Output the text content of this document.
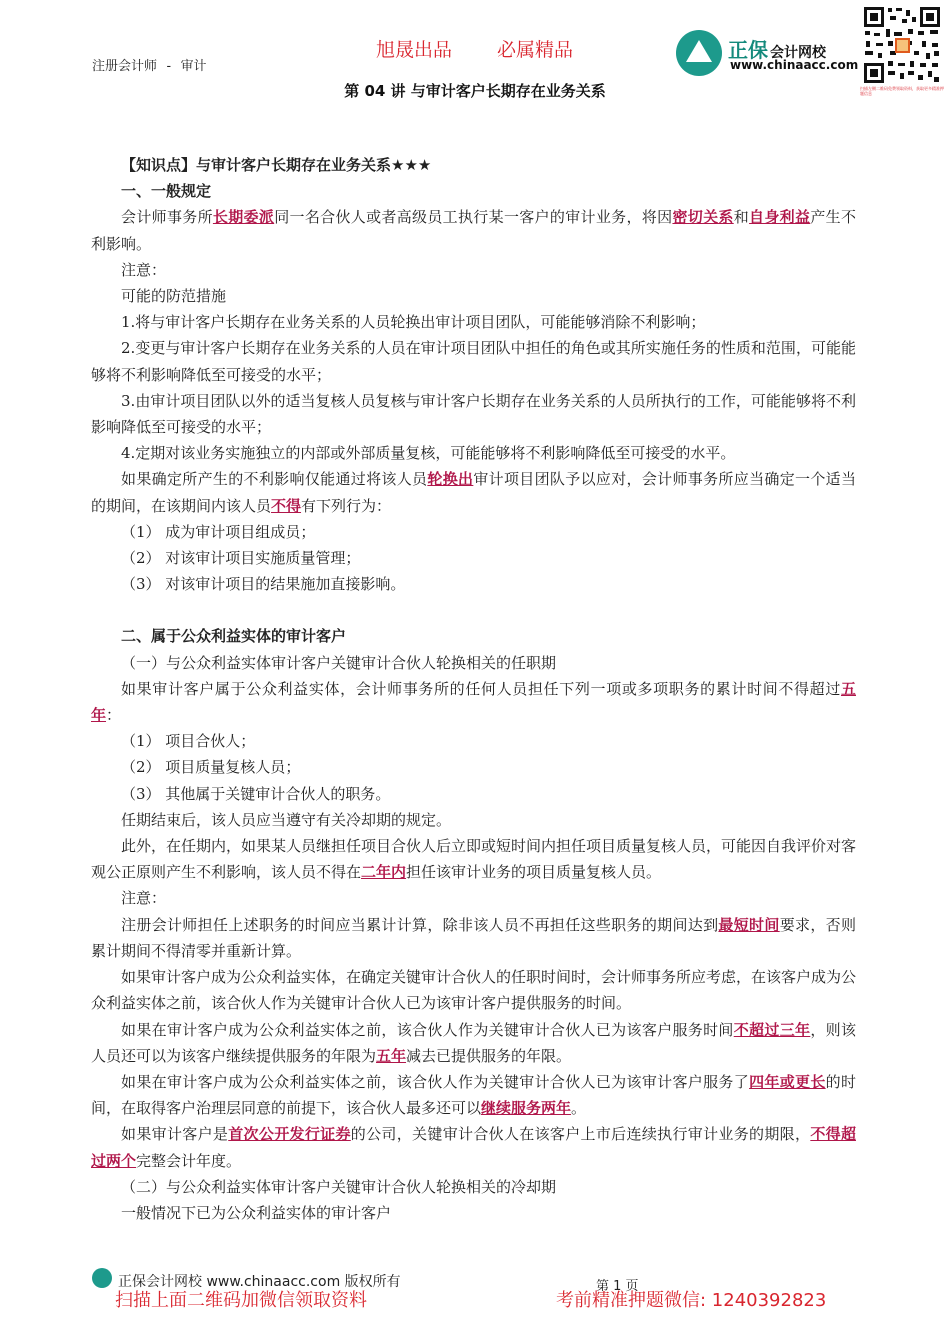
旭晟出品 必属精品
注册会计师 - 审计
第 04 讲 与审计客户长期存在业务关系
正保 会计网校
www.chinaacc.com
扫描左侧二维码免费领取资料，获取更多精准押题信息

【知识点】与审计客户长期存在业务关系★★★

一、一般规定

会计师事务所长期委派同一名合伙人或者高级员工执行某一客户的审计业务，将因密切关系和自身利益产生不利影响。

注意：

可能的防范措施

1.将与审计客户长期存在业务关系的人员轮换出审计项目团队，可能能够消除不利影响；

2.变更与审计客户长期存在业务关系的人员在审计项目团队中担任的角色或其所实施任务的性质和范围，可能能够将不利影响降低至可接受的水平；

3.由审计项目团队以外的适当复核人员复核与审计客户长期存在业务关系的人员所执行的工作，可能能够将不利影响降低至可接受的水平；

4.定期对该业务实施独立的内部或外部质量复核，可能能够将不利影响降低至可接受的水平。

如果确定所产生的不利影响仅能通过将该人员轮换出审计项目团队予以应对，会计师事务所应当确定一个适当的期间，在该期间内该人员不得有下列行为：

（1） 成为审计项目组成员；

（2） 对该审计项目实施质量管理；

（3） 对该审计项目的结果施加直接影响。

二、属于公众利益实体的审计客户

（一）与公众利益实体审计客户关键审计合伙人轮换相关的任职期

如果审计客户属于公众利益实体，会计师事务所的任何人员担任下列一项或多项职务的累计时间不得超过五年：

（1） 项目合伙人；

（2） 项目质量复核人员；

（3） 其他属于关键审计合伙人的职务。

任期结束后，该人员应当遵守有关冷却期的规定。

此外，在任期内，如果某人员继担任项目合伙人后立即或短时间内担任项目质量复核人员，可能因自我评价对客观公正原则产生不利影响，该人员不得在二年内担任该审计业务的项目质量复核人员。

注意：

注册会计师担任上述职务的时间应当累计计算，除非该人员不再担任这些职务的期间达到最短时间要求，否则累计期间不得清零并重新计算。

如果审计客户成为公众利益实体，在确定关键审计合伙人的任职时间时，会计师事务所应考虑，在该客户成为公众利益实体之前，该合伙人作为关键审计合伙人已为该审计客户提供服务的时间。

如果在审计客户成为公众利益实体之前，该合伙人作为关键审计合伙人已为该客户服务时间不超过三年，则该人员还可以为该客户继续提供服务的年限为五年减去已提供服务的年限。

如果在审计客户成为公众利益实体之前，该合伙人作为关键审计合伙人已为该审计客户服务了四年或更长的时间，在取得客户治理层同意的前提下，该合伙人最多还可以继续服务两年。

如果审计客户是首次公开发行证券的公司，关键审计合伙人在该客户上市后连续执行审计业务的期限，不得超过两个完整会计年度。

（二）与公众利益实体审计客户关键审计合伙人轮换相关的冷却期

一般情况下已为公众利益实体的审计客户

正保会计网校 www.chinaacc.com 版权所有	第 1 页
扫描上面二维码加微信领取资料	考前精准押题微信: 1240392823
